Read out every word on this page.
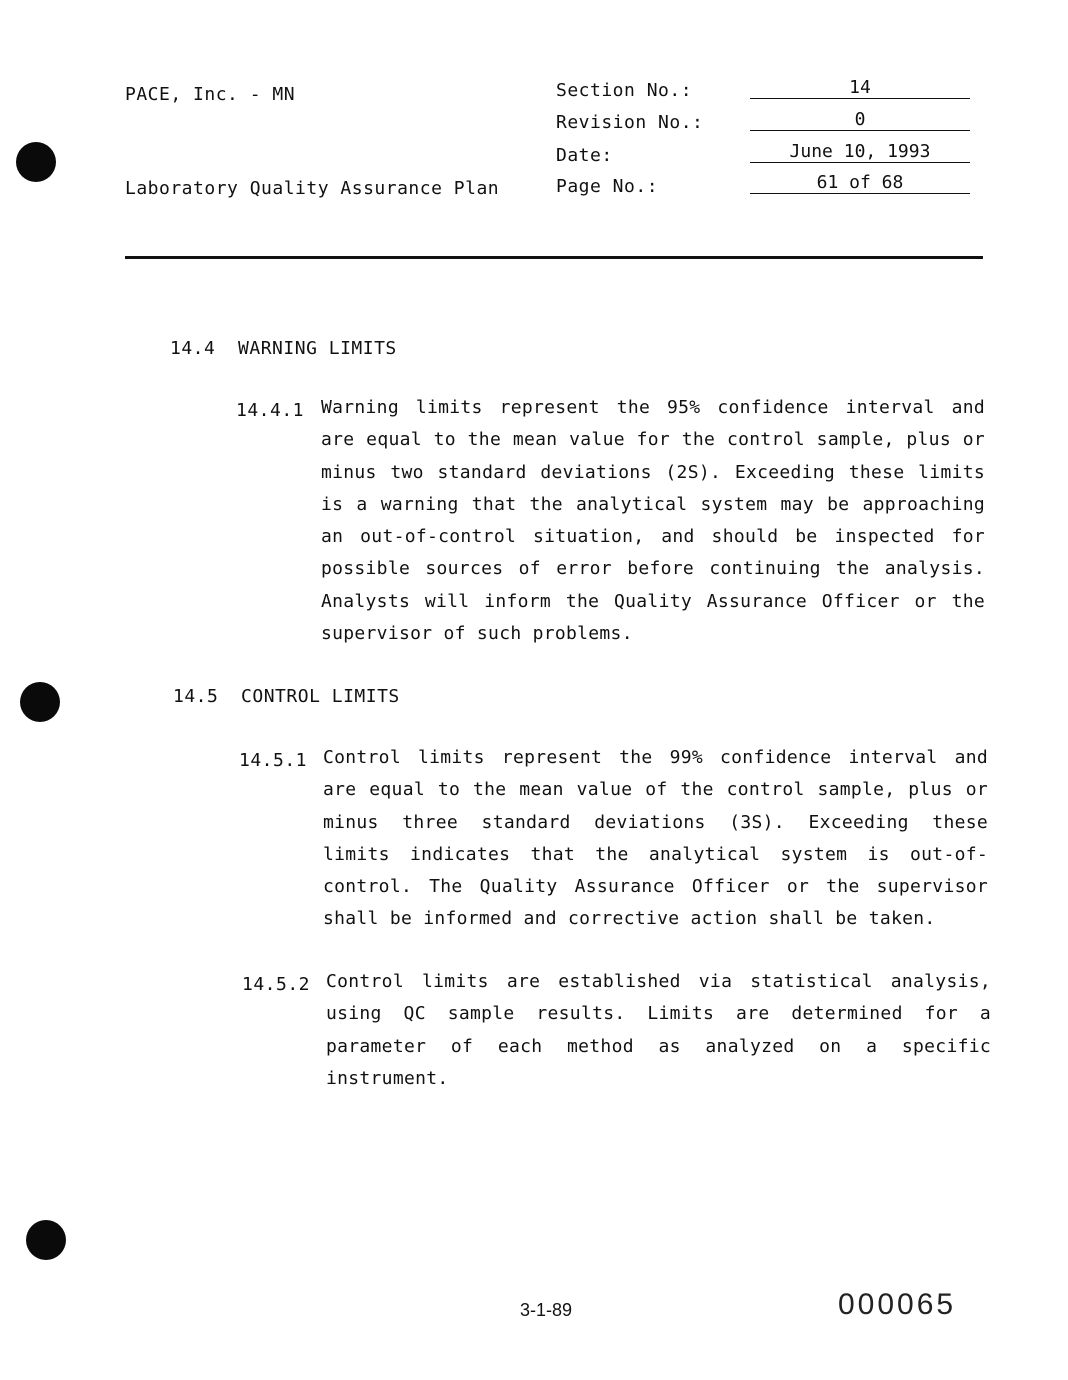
PACE, Inc. - MN
Laboratory Quality Assurance Plan
Section No.:	14
Revision No.:	0
Date:	June 10, 1993
Page No.:	61 of 68
14.4 WARNING LIMITS
14.4.1 Warning limits represent the 95% confidence interval and are equal to the mean value for the control sample, plus or minus two standard deviations (2S). Exceeding these limits is a warning that the analytical system may be approaching an out-of-control situation, and should be inspected for possible sources of error before continuing the analysis. Analysts will inform the Quality Assurance Officer or the supervisor of such problems.
14.5 CONTROL LIMITS
14.5.1 Control limits represent the 99% confidence interval and are equal to the mean value of the control sample, plus or minus three standard deviations (3S). Exceeding these limits indicates that the analytical system is out-of-control. The Quality Assurance Officer or the supervisor shall be informed and corrective action shall be taken.
14.5.2 Control limits are established via statistical analysis, using QC sample results. Limits are determined for a parameter of each method as analyzed on a specific instrument.
3-1-89	000065
